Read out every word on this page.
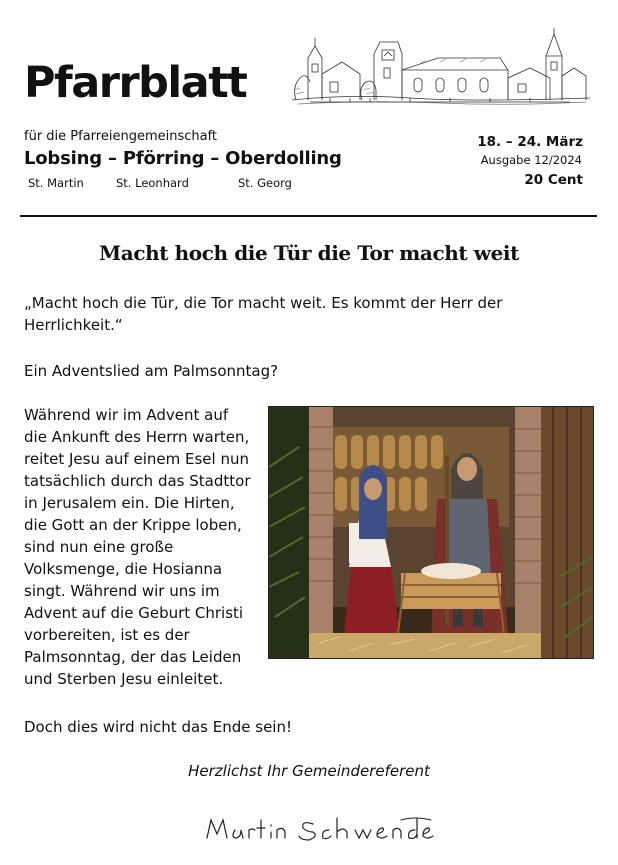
Pfarrblatt
für die Pfarreiengemeinschaft
Lobsing – Pförring – Oberdolling
St. Martin	St. Leonhard	St. Georg
18. – 24. März
Ausgabe 12/2024
20 Cent
Macht hoch die Tür die Tor macht weit
„Macht hoch die Tür, die Tor macht weit. Es kommt der Herr der Herrlichkeit.“
Ein Adventslied am Palmsonntag?
Während wir im Advent auf
die Ankunft des Herrn warten,
reitet Jesu auf einem Esel nun
tatsächlich durch das Stadttor
in Jerusalem ein. Die Hirten,
die Gott an der Krippe loben,
sind nun eine große
Volksmenge, die Hosianna
singt. Während wir uns im
Advent auf die Geburt Christi
vorbereiten, ist es der
Palmsonntag, der das Leiden
und Sterben Jesu einleitet.
Doch dies wird nicht das Ende sein!
Herzlichst Ihr Gemeindereferent
